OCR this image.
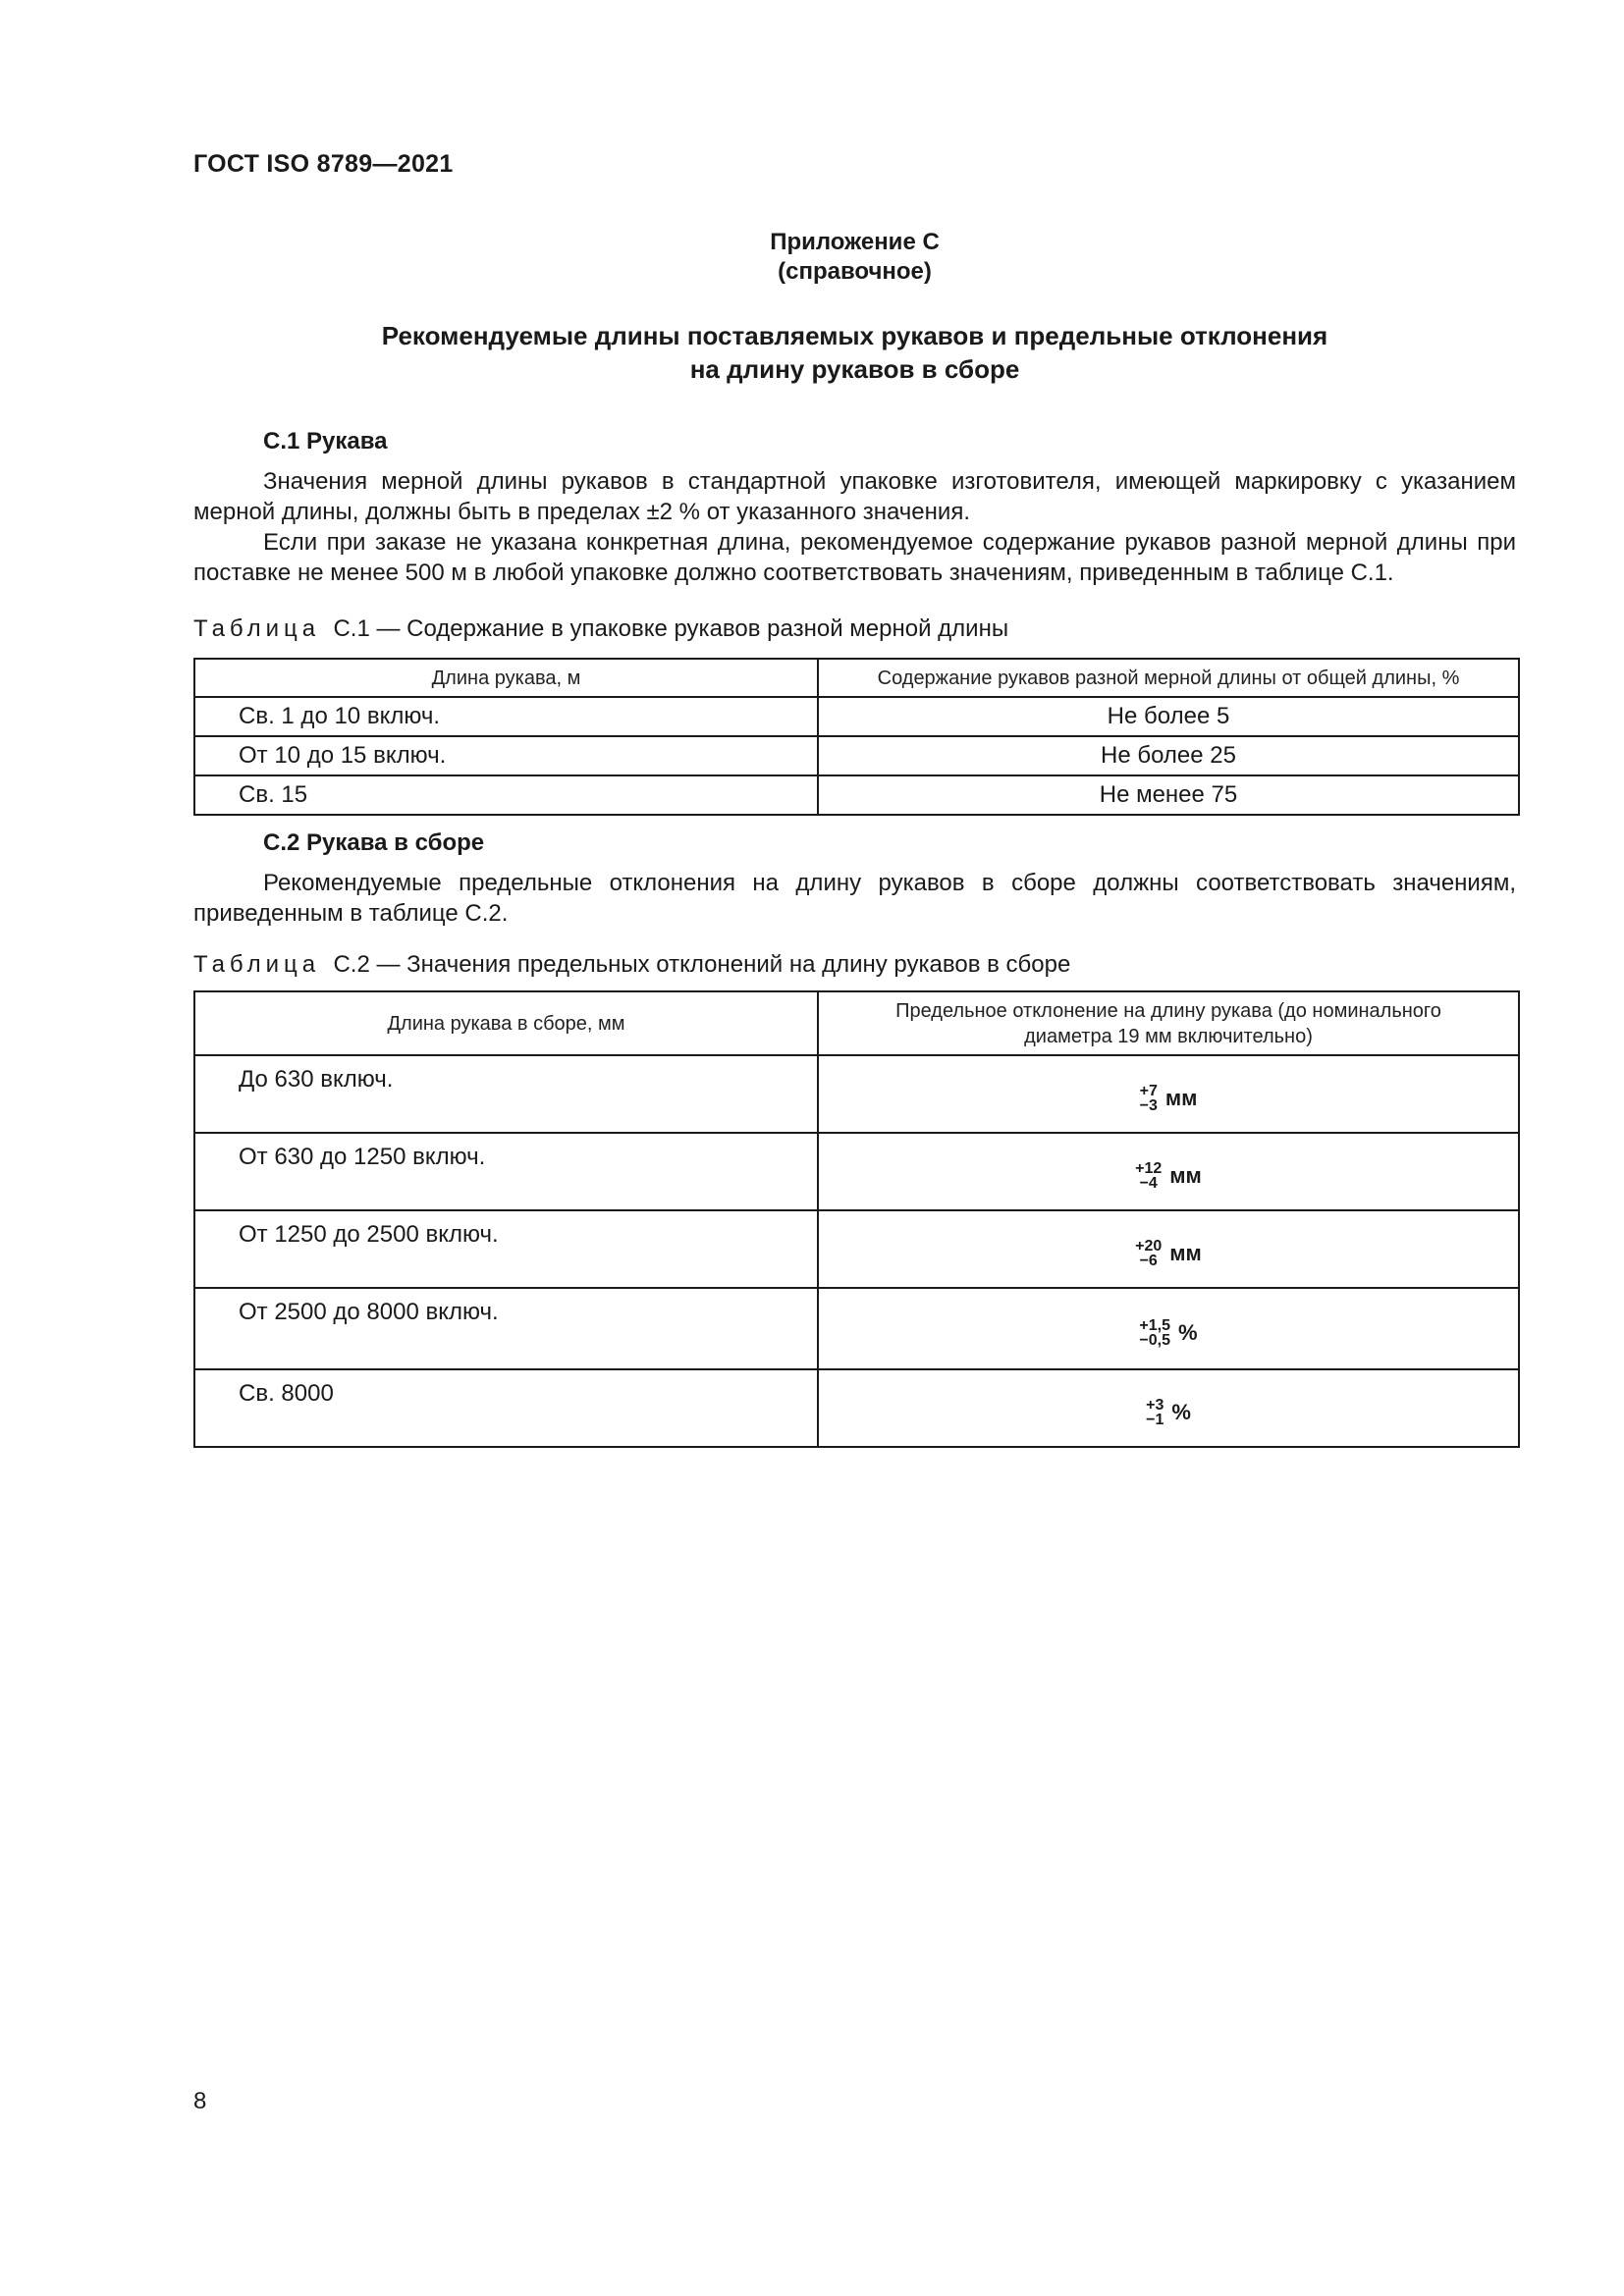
ГОСТ ISO 8789—2021
Приложение С
(справочное)
Рекомендуемые длины поставляемых рукавов и предельные отклонения
на длину рукавов в сборе
С.1 Рукава

Значения мерной длины рукавов в стандартной упаковке изготовителя, имеющей маркировку с указанием мерной длины, должны быть в пределах ±2 % от указанного значения.

Если при заказе не указана конкретная длина, рекомендуемое содержание рукавов разной мерной длины при поставке не менее 500 м в любой упаковке должно соответствовать значениям, приведенным в таблице С.1.

Таблица С.1 — Содержание в упаковке рукавов разной мерной длины
Длина рукава, м	Содержание рукавов разной мерной длины от общей длины, %
Св. 1 до 10 включ.	Не более 5
От 10 до 15 включ.	Не более 25
Св. 15	Не менее 75
С.2 Рукава в сборе

Рекомендуемые предельные отклонения на длину рукавов в сборе должны соответствовать значениям, приведенным в таблице С.2.

Таблица С.2 — Значения предельных отклонений на длину рукавов в сборе
Длина рукава в сборе, мм	Предельное отклонение на длину рукава (до номинального диаметра 19 мм включительно)
До 630 включ.	+7
−3 мм

От 630 до 1250 включ.	+12
−4 мм

От 1250 до 2500 включ.	+20
−6 мм

От 2500 до 8000 включ.	+1,5
−0,5 %

Св. 8000	+3
−1 %
8
